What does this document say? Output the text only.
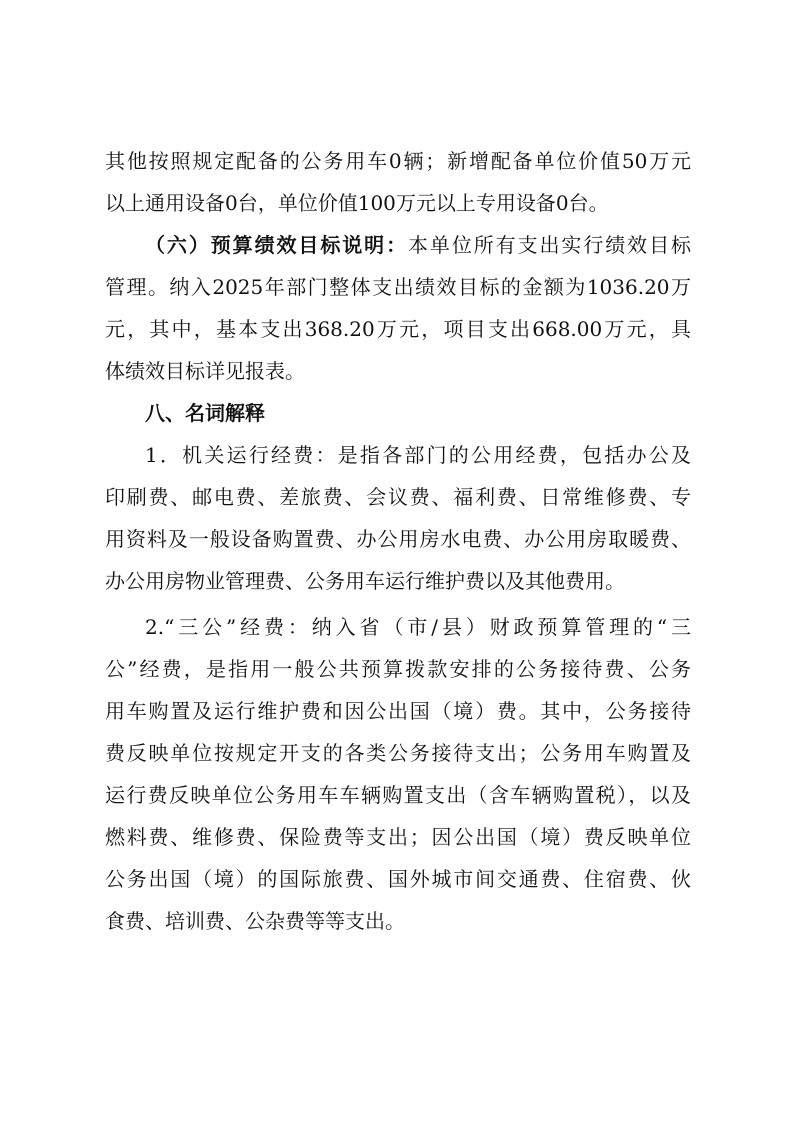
其他按照规定配备的公务用车0辆；新增配备单位价值50万元
以上通用设备0台，单位价值100万元以上专用设备0台。
（六）预算绩效目标说明：本单位所有支出实行绩效目标
管理。纳入2025年部门整体支出绩效目标的金额为1036.20万
元，其中，基本支出368.20万元，项目支出668.00万元，具
体绩效目标详见报表。
八、名词解释
1．机关运行经费：是指各部门的公用经费，包括办公及
印刷费、邮电费、差旅费、会议费、福利费、日常维修费、专
用资料及一般设备购置费、办公用房水电费、办公用房取暖费、
办公用房物业管理费、公务用车运行维护费以及其他费用。
2.“三公”经费：纳入省（市/县）财政预算管理的“三
公”经费，是指用一般公共预算拨款安排的公务接待费、公务
用车购置及运行维护费和因公出国（境）费。其中，公务接待
费反映单位按规定开支的各类公务接待支出；公务用车购置及
运行费反映单位公务用车车辆购置支出（含车辆购置税），以及
燃料费、维修费、保险费等支出；因公出国（境）费反映单位
公务出国（境）的国际旅费、国外城市间交通费、住宿费、伙
食费、培训费、公杂费等等支出。
